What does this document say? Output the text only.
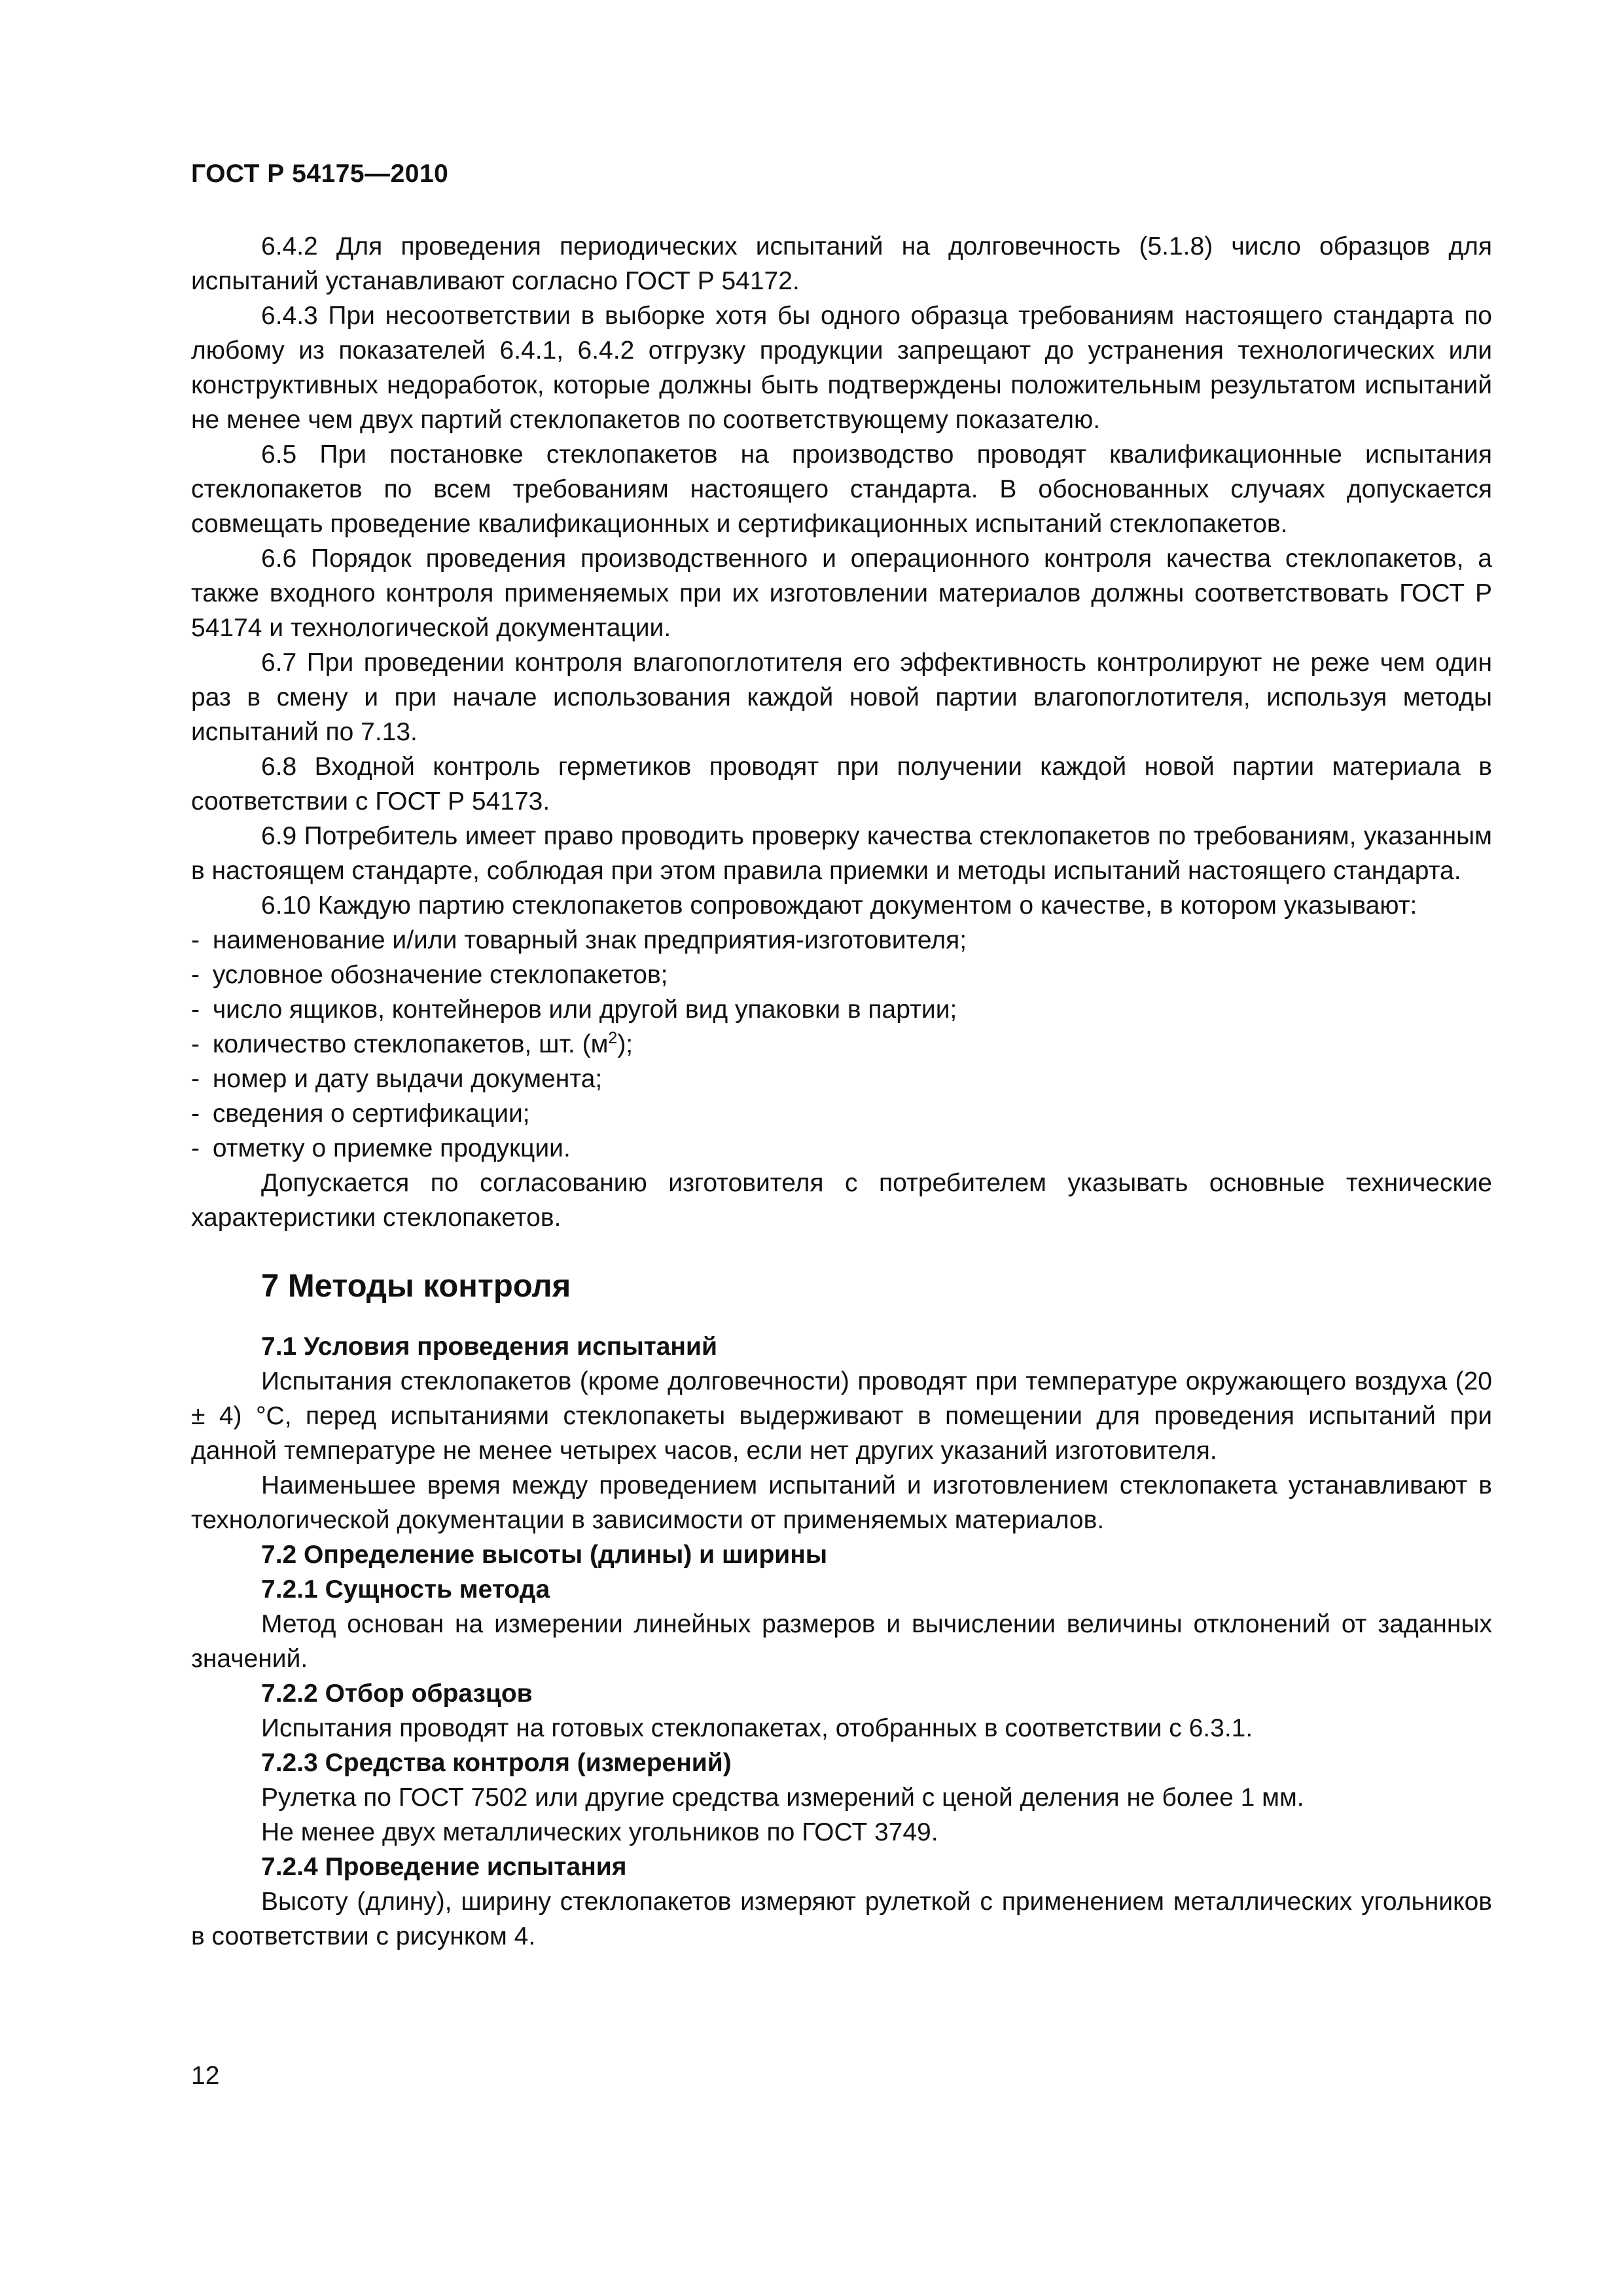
ГОСТ Р 54175—2010

6.4.2 Для проведения периодических испытаний на долговечность (5.1.8) число образцов для испытаний устанавливают согласно ГОСТ Р 54172.

6.4.3 При несоответствии в выборке хотя бы одного образца требованиям настоящего стандарта по любому из показателей 6.4.1, 6.4.2 отгрузку продукции запрещают до устранения технологических или конструктивных недоработок, которые должны быть подтверждены положительным результатом испытаний не менее чем двух партий стеклопакетов по соответствующему показателю.

6.5 При постановке стеклопакетов на производство проводят квалификационные испытания стеклопакетов по всем требованиям настоящего стандарта. В обоснованных случаях допускается совмещать проведение квалификационных и сертификационных испытаний стеклопакетов.

6.6 Порядок проведения производственного и операционного контроля качества стеклопакетов, а также входного контроля применяемых при их изготовлении материалов должны соответствовать ГОСТ Р 54174 и технологической документации.

6.7 При проведении контроля влагопоглотителя его эффективность контролируют не реже чем один раз в смену и при начале использования каждой новой партии влагопоглотителя, используя методы испытаний по 7.13.

6.8 Входной контроль герметиков проводят при получении каждой новой партии материала в соответствии с ГОСТ Р 54173.

6.9 Потребитель имеет право проводить проверку качества стеклопакетов по требованиям, указанным в настоящем стандарте, соблюдая при этом правила приемки и методы испытаний настоящего стандарта.

6.10 Каждую партию стеклопакетов сопровождают документом о качестве, в котором указывают:

- наименование и/или товарный знак предприятия-изготовителя;

- условное обозначение стеклопакетов;

- число ящиков, контейнеров или другой вид упаковки в партии;

- количество стеклопакетов, шт. $(м^2)$;

- номер и дату выдачи документа;

- сведения о сертификации;

- отметку о приемке продукции.

Допускается по согласованию изготовителя с потребителем указывать основные технические характеристики стеклопакетов.

7 Методы контроля

7.1 Условия проведения испытаний

Испытания стеклопакетов (кроме долговечности) проводят при температуре окружающего воздуха (20 ± 4) °С, перед испытаниями стеклопакеты выдерживают в помещении для проведения испытаний при данной температуре не менее четырех часов, если нет других указаний изготовителя.

Наименьшее время между проведением испытаний и изготовлением стеклопакета устанавливают в технологической документации в зависимости от применяемых материалов.

7.2 Определение высоты (длины) и ширины

7.2.1 Сущность метода

Метод основан на измерении линейных размеров и вычислении величины отклонений от заданных значений.

7.2.2 Отбор образцов

Испытания проводят на готовых стеклопакетах, отобранных в соответствии с 6.3.1.

7.2.3 Средства контроля (измерений)

Рулетка по ГОСТ 7502 или другие средства измерений с ценой деления не более 1 мм.

Не менее двух металлических угольников по ГОСТ 3749.

7.2.4 Проведение испытания

Высоту (длину), ширину стеклопакетов измеряют рулеткой с применением металлических угольников в соответствии с рисунком 4.

12
